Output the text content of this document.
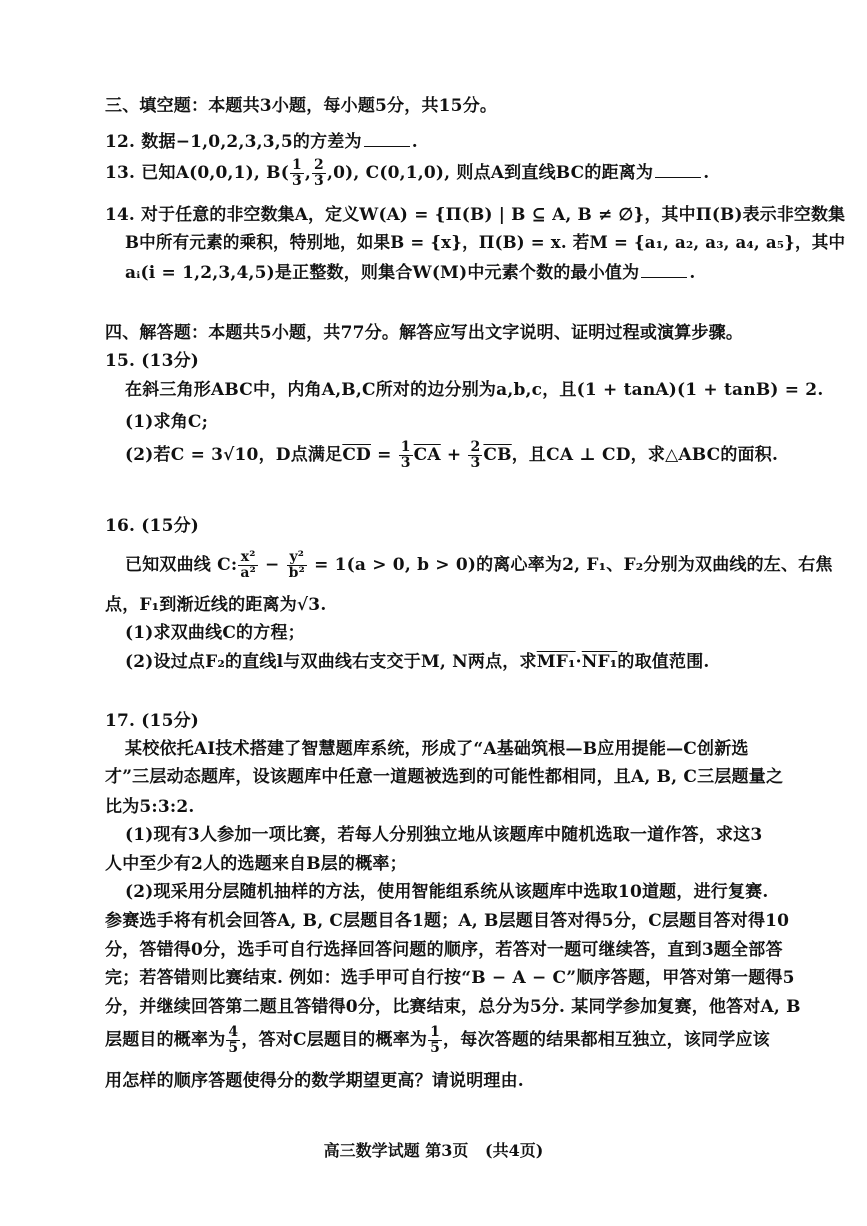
三、填空题：本题共3小题，每小题5分，共15分。
12. 数据−1,0,2,3,3,5的方差为	.
13. 已知A(0,0,1), $B( \frac{1}{3}$ , $\frac{2}{3} ,0$), C(0,1,0), 则点A到直线BC的距离为	.
14. 对于任意的非空数集A，定义W(A) = {Π(B) | B ⊆ A, B ≠ ∅}，其中Π(B)表示非空数集
B中所有元素的乘积，特别地，如果B = {x}，Π(B) = x. 若M = {a₁, a₂, a₃, a₄, a₅}，其中
aᵢ(i = 1,2,3,4,5)是正整数，则集合W(M)中元素个数的最小值为	.
四、解答题：本题共5小题，共77分。解答应写出文字说明、证明过程或演算步骤。
15. (13分)
在斜三角形ABC中，内角A,B,C所对的边分别为a,b,c，且(1 + tanA)(1 + tanB) = 2.
(1)求角C;
(2)若C = 3√10，D点满足$\overline{CD} = \frac{1}{3} \overline{CA} + \frac{2}{3} \overline{CB}$，且CA ⊥ CD，求△ABC的面积.
16. (15分)
已知双曲线 C: $\frac{\text{x²}}{\text{a²}} - \frac{\text{y²}}{\text{b²}} = 1(a > 0$, b > 0)的离心率为2, F₁、F₂分别为双曲线的左、右焦
点，F₁到渐近线的距离为√3.
(1)求双曲线C的方程；
(2)设过点F₂的直线l与双曲线右支交于M, N两点，求MF₁·NF₁的取值范围.
17. (15分)
某校依托AI技术搭建了智慧题库系统，形成了“A基础筑根—B应用提能—C创新选
才”三层动态题库，设该题库中任意一道题被选到的可能性都相同，且A, B, C三层题量之
比为5:3:2.
(1)现有3人参加一项比赛，若每人分别独立地从该题库中随机选取一道作答，求这3
人中至少有2人的选题来自B层的概率；
(2)现采用分层随机抽样的方法，使用智能组系统从该题库中选取10道题，进行复赛.
参赛选手将有机会回答A, B, C层题目各1题；A, B层题目答对得5分，C层题目答对得10
分，答错得0分，选手可自行选择回答问题的顺序，若答对一题可继续答，直到3题全部答
完；若答错则比赛结束. 例如：选手甲可自行按“B − A − C”顺序答题，甲答对第一题得5
分，并继续回答第二题且答错得0分，比赛结束，总分为5分. 某同学参加复赛，他答对A, B
层题目的概率为 $\frac{4}{5}$ ，答对C层题目的概率为 $\frac{1}{5}$ ，每次答题的结果都相互独立，该同学应该
用怎样的顺序答题使得分的数学期望更高？请说明理由.
高三数学试题 第3页   (共4页)
